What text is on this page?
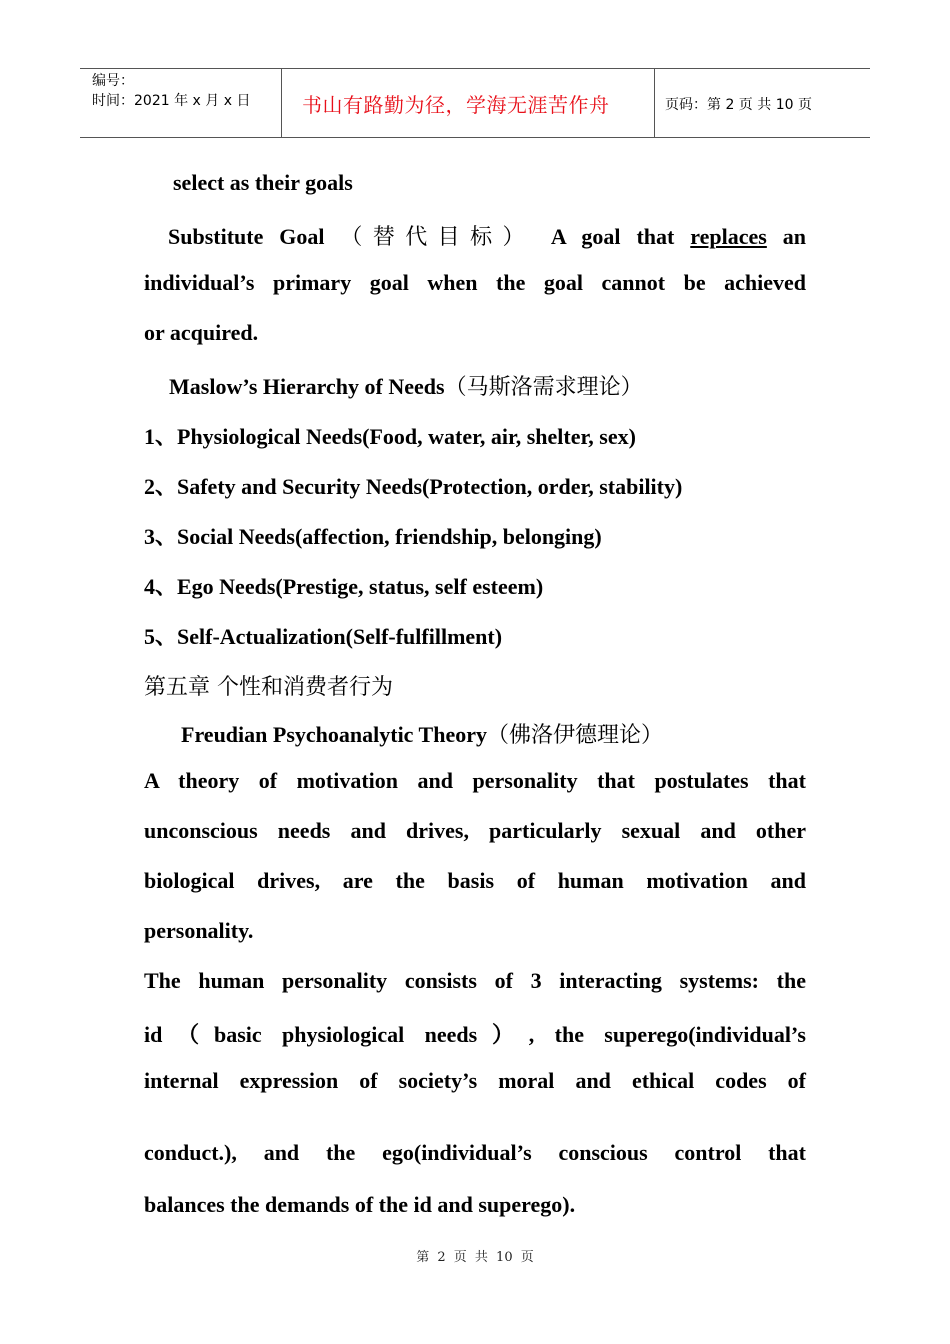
编号：
时间：2021 年 x 月 x 日	书山有路勤为径，学海无涯苦作舟	页码：第 2 页 共 10 页
select as their goals
Substitute Goal （替代目标） A goal that replaces an
individual’s primary goal when the goal cannot be achieved
or acquired.
Maslow’s Hierarchy of Needs（马斯洛需求理论）
1、Physiological Needs(Food, water, air, shelter, sex)
2、Safety and Security Needs(Protection, order, stability)
3、Social Needs(affection, friendship, belonging)
4、Ego Needs(Prestige, status, self esteem)
5、Self-Actualization(Self-fulfillment)
第五章 个性和消费者行为
Freudian Psychoanalytic Theory（佛洛伊德理论）
A theory of motivation and personality that postulates that
unconscious needs and drives, particularly sexual and other
biological drives, are the basis of human motivation and
personality.
The human personality consists of 3 interacting systems: the
id（basic physiological needs）, the superego(individual’s
internal expression of society’s moral and ethical codes of
conduct.), and the ego(individual’s conscious control that
balances the demands of the id and superego).
第 2 页 共 10 页
